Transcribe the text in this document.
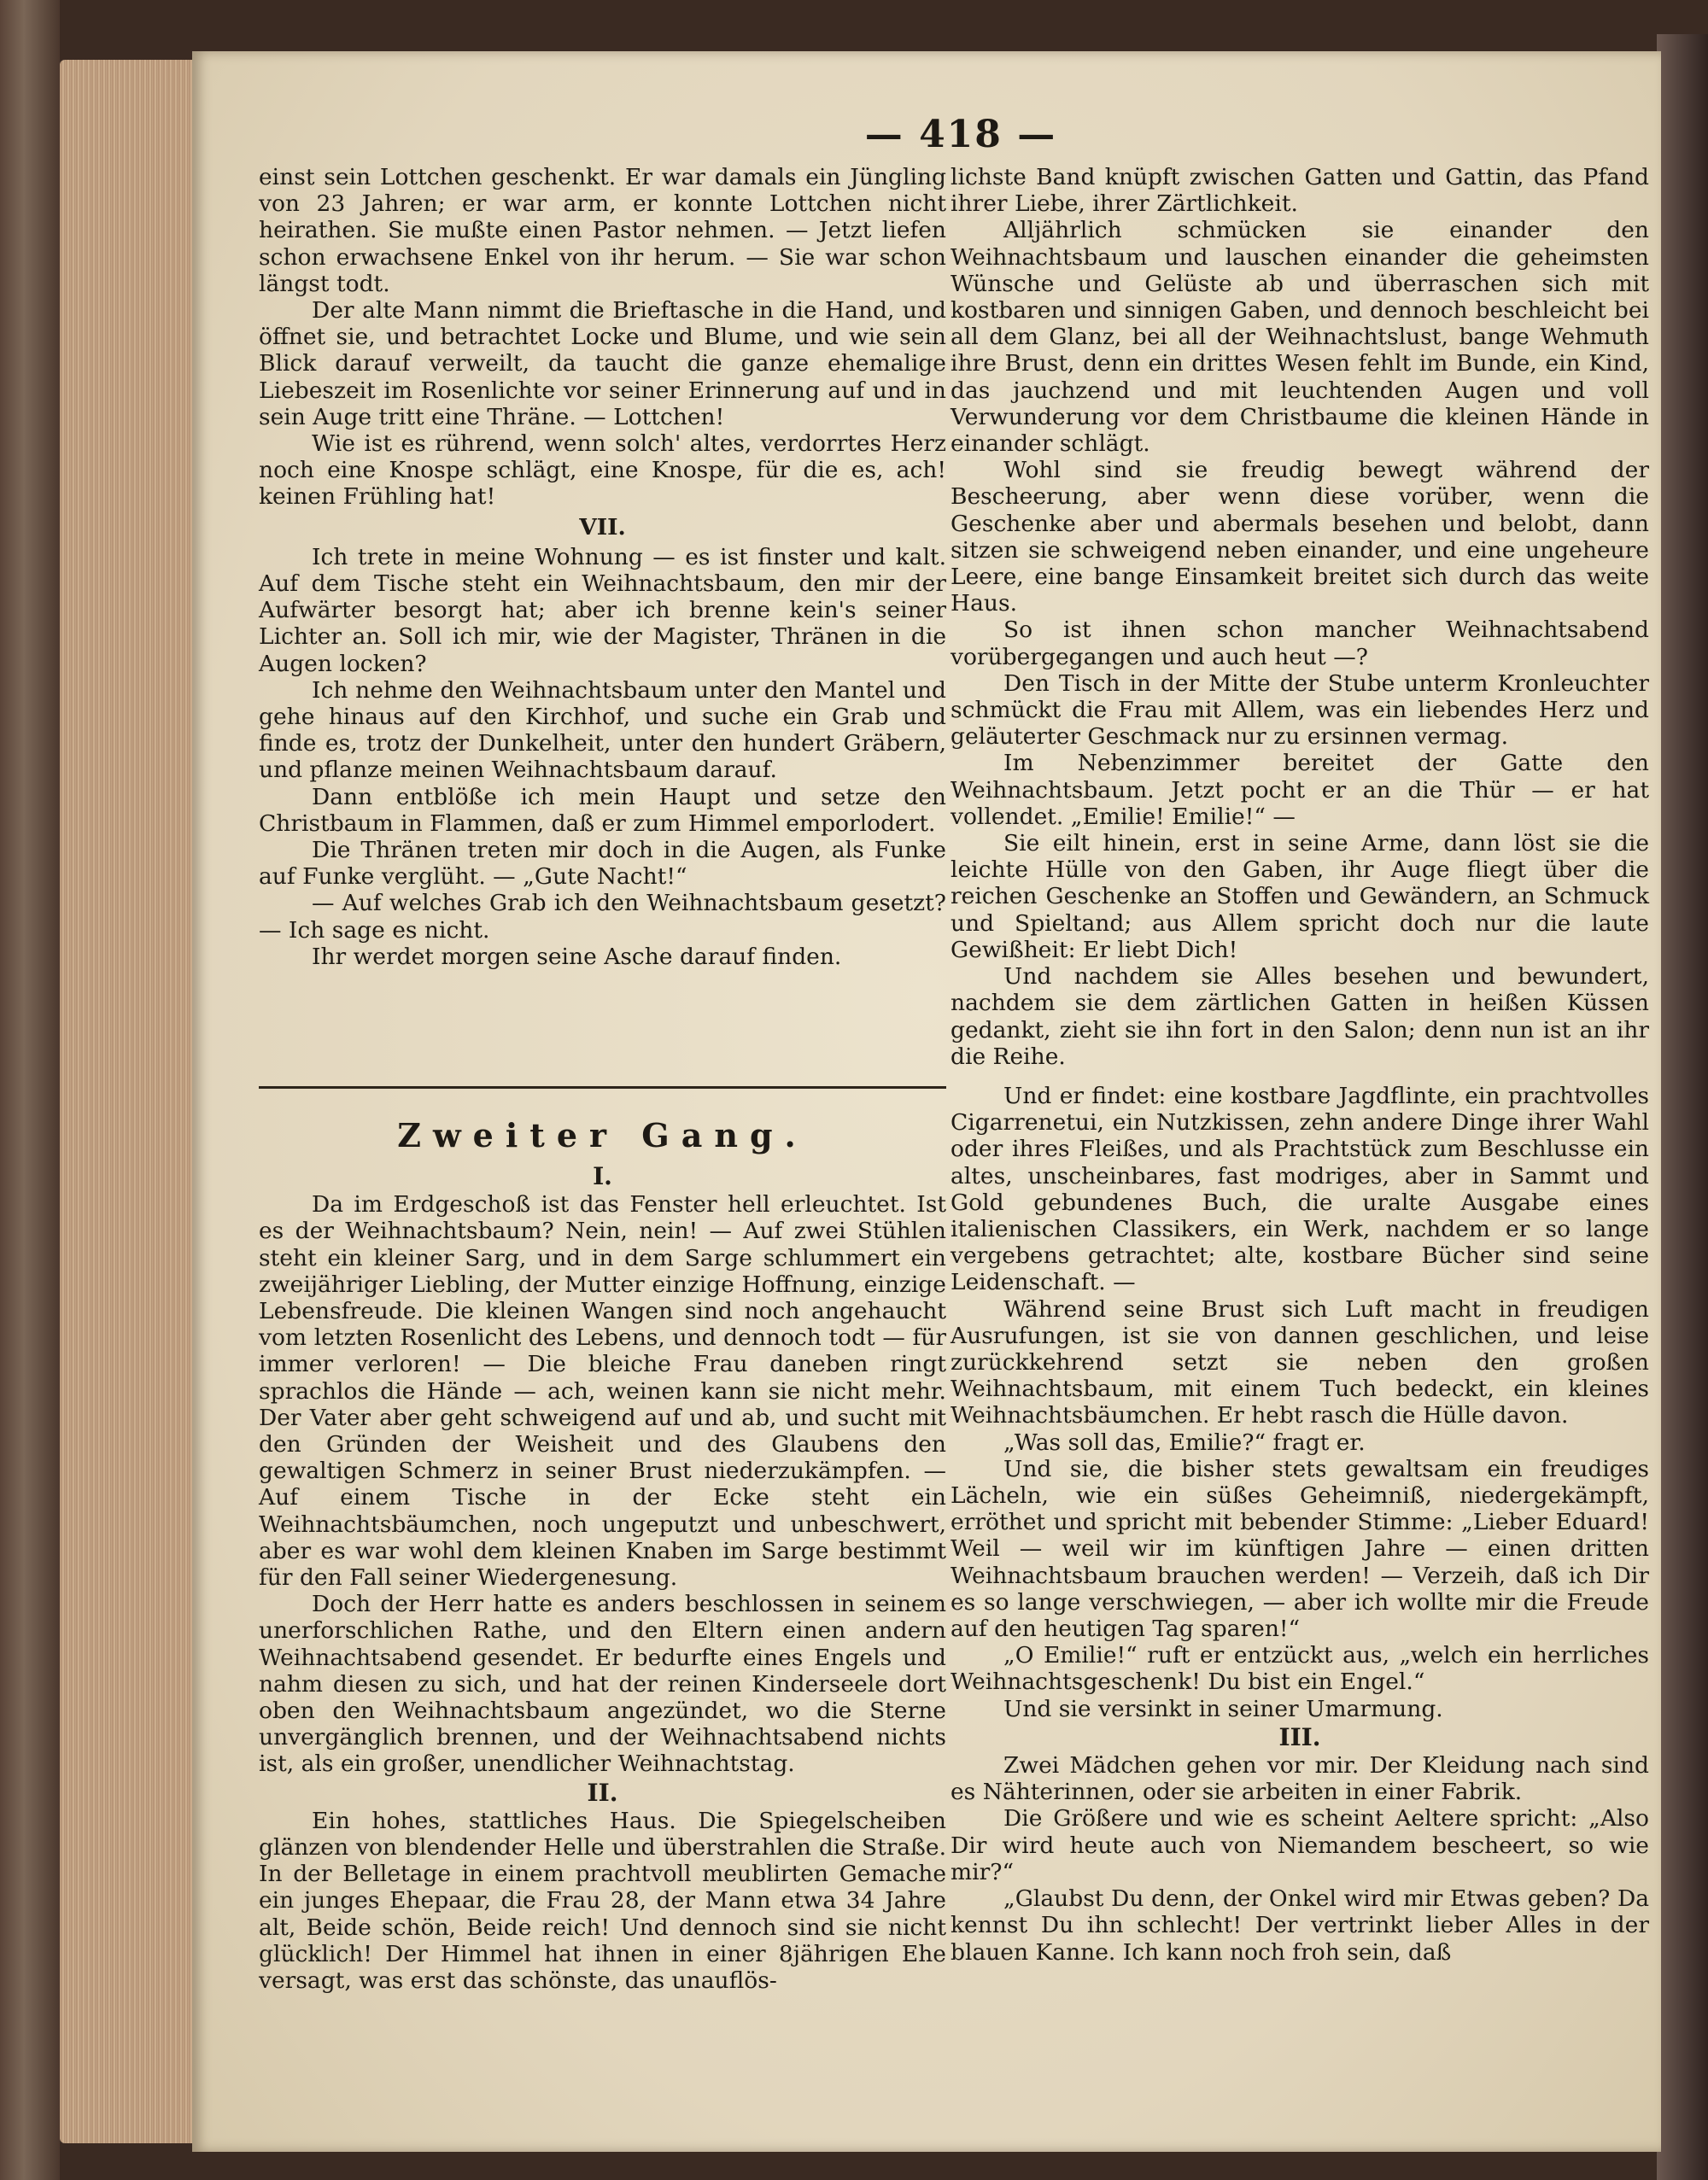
— 418 —

einst sein Lottchen geschenkt. Er war damals ein Jüngling von 23 Jahren; er war arm, er konnte Lottchen nicht heirathen. Sie mußte einen Pastor nehmen. — Jetzt liefen schon erwachsene Enkel von ihr herum. — Sie war schon längst todt.

Der alte Mann nimmt die Brieftasche in die Hand, und öffnet sie, und betrachtet Locke und Blume, und wie sein Blick darauf verweilt, da taucht die ganze ehemalige Liebeszeit im Rosenlichte vor seiner Erinnerung auf und in sein Auge tritt eine Thräne. — Lottchen!

Wie ist es rührend, wenn solch' altes, verdorrtes Herz noch eine Knospe schlägt, eine Knospe, für die es, ach! keinen Frühling hat!

VII.

Ich trete in meine Wohnung — es ist finster und kalt. Auf dem Tische steht ein Weihnachtsbaum, den mir der Aufwärter besorgt hat; aber ich brenne kein's seiner Lichter an. Soll ich mir, wie der Magister, Thränen in die Augen locken?

Ich nehme den Weihnachtsbaum unter den Mantel und gehe hinaus auf den Kirchhof, und suche ein Grab und finde es, trotz der Dunkelheit, unter den hundert Gräbern, und pflanze meinen Weihnachtsbaum darauf.

Dann entblöße ich mein Haupt und setze den Christbaum in Flammen, daß er zum Himmel emporlodert.

Die Thränen treten mir doch in die Augen, als Funke auf Funke verglüht. — „Gute Nacht!“

— Auf welches Grab ich den Weihnachtsbaum gesetzt? — Ich sage es nicht.

Ihr werdet morgen seine Asche darauf finden.

lichste Band knüpft zwischen Gatten und Gattin, das Pfand ihrer Liebe, ihrer Zärtlichkeit.

Alljährlich schmücken sie einander den Weihnachtsbaum und lauschen einander die geheimsten Wünsche und Gelüste ab und überraschen sich mit kostbaren und sinnigen Gaben, und dennoch beschleicht bei all dem Glanz, bei all der Weihnachtslust, bange Wehmuth ihre Brust, denn ein drittes Wesen fehlt im Bunde, ein Kind, das jauchzend und mit leuchtenden Augen und voll Verwunderung vor dem Christbaume die kleinen Hände in einander schlägt.

Wohl sind sie freudig bewegt während der Bescheerung, aber wenn diese vorüber, wenn die Geschenke aber und abermals besehen und belobt, dann sitzen sie schweigend neben einander, und eine ungeheure Leere, eine bange Einsamkeit breitet sich durch das weite Haus.

So ist ihnen schon mancher Weihnachtsabend vorübergegangen und auch heut —?

Den Tisch in der Mitte der Stube unterm Kronleuchter schmückt die Frau mit Allem, was ein liebendes Herz und geläuterter Geschmack nur zu ersinnen vermag.

Im Nebenzimmer bereitet der Gatte den Weihnachtsbaum. Jetzt pocht er an die Thür — er hat vollendet. „Emilie! Emilie!“ —

Sie eilt hinein, erst in seine Arme, dann löst sie die leichte Hülle von den Gaben, ihr Auge fliegt über die reichen Geschenke an Stoffen und Gewändern, an Schmuck und Spieltand; aus Allem spricht doch nur die laute Gewißheit: Er liebt Dich!

Und nachdem sie Alles besehen und bewundert, nachdem sie dem zärtlichen Gatten in heißen Küssen gedankt, zieht sie ihn fort in den Salon; denn nun ist an ihr die Reihe.

Zweiter Gang.
I.

Da im Erdgeschoß ist das Fenster hell erleuchtet. Ist es der Weihnachtsbaum? Nein, nein! — Auf zwei Stühlen steht ein kleiner Sarg, und in dem Sarge schlummert ein zweijähriger Liebling, der Mutter einzige Hoffnung, einzige Lebensfreude. Die kleinen Wangen sind noch angehaucht vom letzten Rosenlicht des Lebens, und dennoch todt — für immer verloren! — Die bleiche Frau daneben ringt sprachlos die Hände — ach, weinen kann sie nicht mehr. Der Vater aber geht schweigend auf und ab, und sucht mit den Gründen der Weisheit und des Glaubens den gewaltigen Schmerz in seiner Brust niederzukämpfen. — Auf einem Tische in der Ecke steht ein Weihnachtsbäumchen, noch ungeputzt und unbeschwert, aber es war wohl dem kleinen Knaben im Sarge bestimmt für den Fall seiner Wiedergenesung.

Doch der Herr hatte es anders beschlossen in seinem unerforschlichen Rathe, und den Eltern einen andern Weihnachtsabend gesendet. Er bedurfte eines Engels und nahm diesen zu sich, und hat der reinen Kinderseele dort oben den Weihnachtsbaum angezündet, wo die Sterne unvergänglich brennen, und der Weihnachtsabend nichts ist, als ein großer, unendlicher Weihnachtstag.

II.

Ein hohes, stattliches Haus. Die Spiegelscheiben glänzen von blendender Helle und überstrahlen die Straße. In der Belletage in einem prachtvoll meublirten Gemache ein junges Ehepaar, die Frau 28, der Mann etwa 34 Jahre alt, Beide schön, Beide reich! Und dennoch sind sie nicht glücklich! Der Himmel hat ihnen in einer 8jährigen Ehe versagt, was erst das schönste, das unauflös-

Und er findet: eine kostbare Jagdflinte, ein prachtvolles Cigarrenetui, ein Nutzkissen, zehn andere Dinge ihrer Wahl oder ihres Fleißes, und als Prachtstück zum Beschlusse ein altes, unscheinbares, fast modriges, aber in Sammt und Gold gebundenes Buch, die uralte Ausgabe eines italienischen Classikers, ein Werk, nachdem er so lange vergebens getrachtet; alte, kostbare Bücher sind seine Leidenschaft. —

Während seine Brust sich Luft macht in freudigen Ausrufungen, ist sie von dannen geschlichen, und leise zurückkehrend setzt sie neben den großen Weihnachtsbaum, mit einem Tuch bedeckt, ein kleines Weihnachtsbäumchen. Er hebt rasch die Hülle davon.

„Was soll das, Emilie?“ fragt er.

Und sie, die bisher stets gewaltsam ein freudiges Lächeln, wie ein süßes Geheimniß, niedergekämpft, erröthet und spricht mit bebender Stimme: „Lieber Eduard! Weil — weil wir im künftigen Jahre — einen dritten Weihnachtsbaum brauchen werden! — Verzeih, daß ich Dir es so lange verschwiegen, — aber ich wollte mir die Freude auf den heutigen Tag sparen!“

„O Emilie!“ ruft er entzückt aus, „welch ein herrliches Weihnachtsgeschenk! Du bist ein Engel.“

Und sie versinkt in seiner Umarmung.

III.

Zwei Mädchen gehen vor mir. Der Kleidung nach sind es Nähterinnen, oder sie arbeiten in einer Fabrik.

Die Größere und wie es scheint Aeltere spricht: „Also Dir wird heute auch von Niemandem bescheert, so wie mir?“

„Glaubst Du denn, der Onkel wird mir Etwas geben? Da kennst Du ihn schlecht! Der vertrinkt lieber Alles in der blauen Kanne. Ich kann noch froh sein, daß
